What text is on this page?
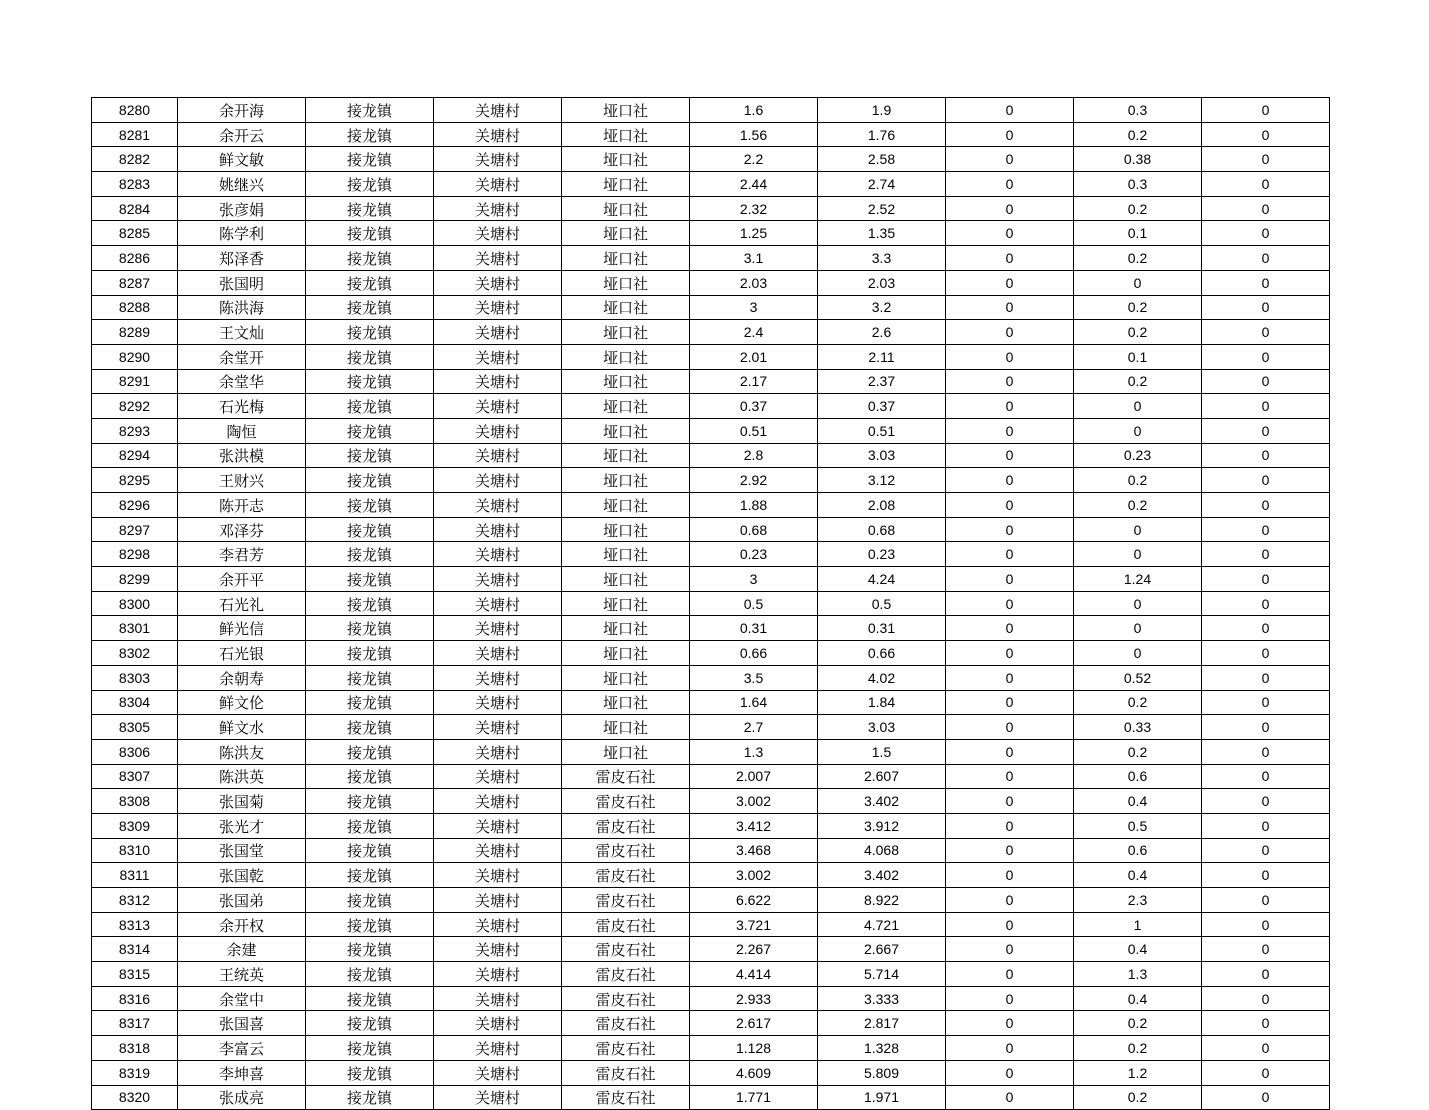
8280	余开海	接龙镇	关塘村	垭口社	1.6	1.9	0	0.3	0
8281	余开云	接龙镇	关塘村	垭口社	1.56	1.76	0	0.2	0
8282	鲜文敏	接龙镇	关塘村	垭口社	2.2	2.58	0	0.38	0
8283	姚继兴	接龙镇	关塘村	垭口社	2.44	2.74	0	0.3	0
8284	张彦娟	接龙镇	关塘村	垭口社	2.32	2.52	0	0.2	0
8285	陈学利	接龙镇	关塘村	垭口社	1.25	1.35	0	0.1	0
8286	郑泽香	接龙镇	关塘村	垭口社	3.1	3.3	0	0.2	0
8287	张国明	接龙镇	关塘村	垭口社	2.03	2.03	0	0	0
8288	陈洪海	接龙镇	关塘村	垭口社	3	3.2	0	0.2	0
8289	王文灿	接龙镇	关塘村	垭口社	2.4	2.6	0	0.2	0
8290	余堂开	接龙镇	关塘村	垭口社	2.01	2.11	0	0.1	0
8291	余堂华	接龙镇	关塘村	垭口社	2.17	2.37	0	0.2	0
8292	石光梅	接龙镇	关塘村	垭口社	0.37	0.37	0	0	0
8293	陶恒	接龙镇	关塘村	垭口社	0.51	0.51	0	0	0
8294	张洪模	接龙镇	关塘村	垭口社	2.8	3.03	0	0.23	0
8295	王财兴	接龙镇	关塘村	垭口社	2.92	3.12	0	0.2	0
8296	陈开志	接龙镇	关塘村	垭口社	1.88	2.08	0	0.2	0
8297	邓泽芬	接龙镇	关塘村	垭口社	0.68	0.68	0	0	0
8298	李君芳	接龙镇	关塘村	垭口社	0.23	0.23	0	0	0
8299	余开平	接龙镇	关塘村	垭口社	3	4.24	0	1.24	0
8300	石光礼	接龙镇	关塘村	垭口社	0.5	0.5	0	0	0
8301	鲜光信	接龙镇	关塘村	垭口社	0.31	0.31	0	0	0
8302	石光银	接龙镇	关塘村	垭口社	0.66	0.66	0	0	0
8303	余朝寿	接龙镇	关塘村	垭口社	3.5	4.02	0	0.52	0
8304	鲜文伦	接龙镇	关塘村	垭口社	1.64	1.84	0	0.2	0
8305	鲜文水	接龙镇	关塘村	垭口社	2.7	3.03	0	0.33	0
8306	陈洪友	接龙镇	关塘村	垭口社	1.3	1.5	0	0.2	0
8307	陈洪英	接龙镇	关塘村	雷皮石社	2.007	2.607	0	0.6	0
8308	张国菊	接龙镇	关塘村	雷皮石社	3.002	3.402	0	0.4	0
8309	张光才	接龙镇	关塘村	雷皮石社	3.412	3.912	0	0.5	0
8310	张国堂	接龙镇	关塘村	雷皮石社	3.468	4.068	0	0.6	0
8311	张国乾	接龙镇	关塘村	雷皮石社	3.002	3.402	0	0.4	0
8312	张国弟	接龙镇	关塘村	雷皮石社	6.622	8.922	0	2.3	0
8313	余开权	接龙镇	关塘村	雷皮石社	3.721	4.721	0	1	0
8314	余建	接龙镇	关塘村	雷皮石社	2.267	2.667	0	0.4	0
8315	王统英	接龙镇	关塘村	雷皮石社	4.414	5.714	0	1.3	0
8316	余堂中	接龙镇	关塘村	雷皮石社	2.933	3.333	0	0.4	0
8317	张国喜	接龙镇	关塘村	雷皮石社	2.617	2.817	0	0.2	0
8318	李富云	接龙镇	关塘村	雷皮石社	1.128	1.328	0	0.2	0
8319	李坤喜	接龙镇	关塘村	雷皮石社	4.609	5.809	0	1.2	0
8320	张成亮	接龙镇	关塘村	雷皮石社	1.771	1.971	0	0.2	0
